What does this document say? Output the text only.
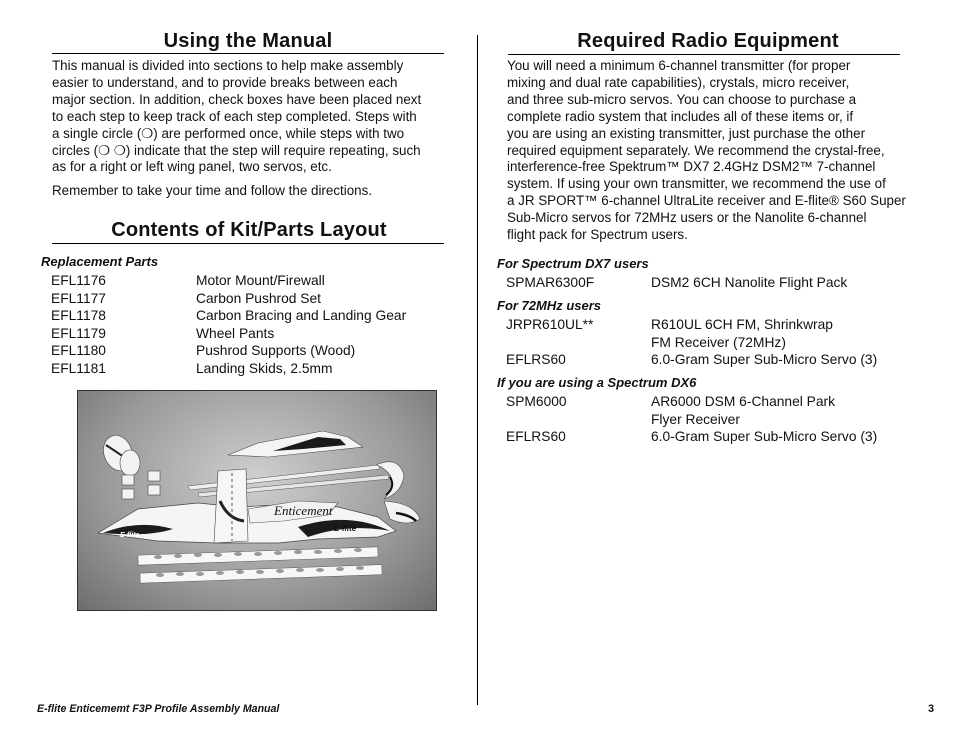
Using the Manual
This manual is divided into sections to help make assembly
easier to understand, and to provide breaks between each
major section. In addition, check boxes have been placed next
to each step to keep track of each step completed. Steps with
a single circle (❍) are performed once, while steps with two
circles (❍ ❍) indicate that the step will require repeating, such
as for a right or left wing panel, two servos, etc.
Remember to take your time and follow the directions.
Contents of Kit/Parts Layout
Replacement Parts
EFL1176	Motor Mount/Firewall
EFL1177	Carbon Pushrod Set
EFL1178	Carbon Bracing and Landing Gear
EFL1179	Wheel Pants
EFL1180	Pushrod Supports (Wood)
EFL1181	Landing Skids, 2.5mm
E-flite
Enticement
E-flite
Required Radio Equipment
You will need a minimum 6-channel transmitter (for proper
mixing and dual rate capabilities), crystals, micro receiver,
and three sub-micro servos. You can choose to purchase a
complete radio system that includes all of these items or, if
you are using an existing transmitter, just purchase the other
required equipment separately. We recommend the crystal-free,
interference-free Spektrum™ DX7 2.4GHz DSM2™ 7-channel
system. If using your own transmitter, we recommend the use of
a JR SPORT™ 6-channel UltraLite receiver and E-flite® S60 Super
Sub-Micro servos for 72MHz users or the Nanolite 6-channel
flight pack for Spectrum users.
For Spectrum DX7 users
SPMAR6300F	DSM2 6CH Nanolite Flight Pack
For 72MHz users
JRPR610UL**	R610UL 6CH FM, Shrinkwrap
FM Receiver (72MHz)
EFLRS60	6.0-Gram Super Sub-Micro Servo (3)
If you are using a Spectrum DX6
SPM6000	AR6000 DSM 6-Channel Park
Flyer Receiver
EFLRS60	6.0-Gram Super Sub-Micro Servo (3)
E-flite Enticememt F3P Profile Assembly Manual	3
